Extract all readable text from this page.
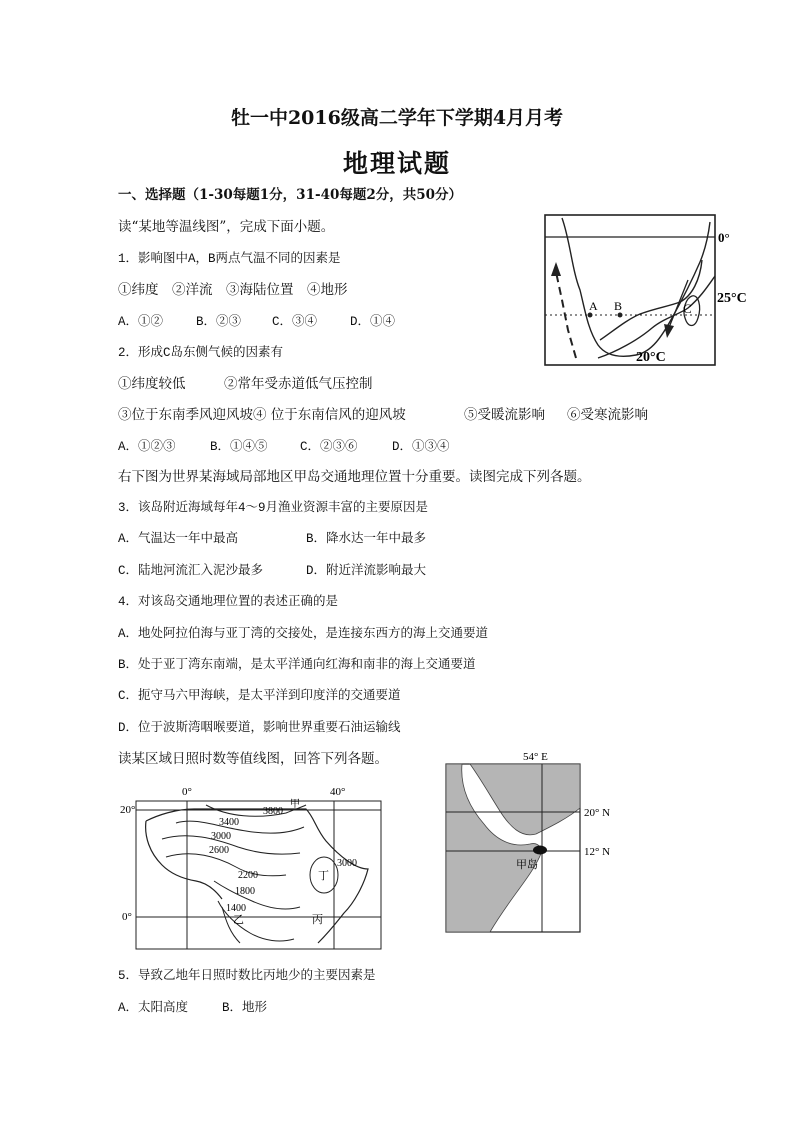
牡一中2016级高二学年下学期4月月考
地理试题
一、选择题（1-30每题1分，31-40每题2分，共50分）
读“某地等温线图”，完成下面小题。
1．影响图中A，B两点气温不同的因素是
①纬度　②洋流　③海陆位置　④地形
A．①②	B．②③ C．③④	D．①④
2．形成C岛东侧气候的因素有
①纬度较低	②常年受赤道低气压控制
③位于东南季风迎风坡④ 位于东南信风的迎风坡	⑤受暖流影响 ⑥受寒流影响
A．①②③	B．①④⑤	C．②③⑥	D．①③④
右下图为世界某海域局部地区甲岛交通地理位置十分重要。读图完成下列各题。
3．该岛附近海域每年4～9月渔业资源丰富的主要原因是
A．气温达一年中最高	B．降水达一年中最多
C．陆地河流汇入泥沙最多	D．附近洋流影响最大
4．对该岛交通地理位置的表述正确的是
A．地处阿拉伯海与亚丁湾的交接处，是连接东西方的海上交通要道
B．处于亚丁湾东南端，是太平洋通向红海和南非的海上交通要道
C．扼守马六甲海峡，是太平洋到印度洋的交通要道
D．位于波斯湾咽喉要道，影响世界重要石油运输线
读某区域日照时数等值线图，回答下列各题。
5．导致乙地年日照时数比丙地少的主要因素是
A．太阳高度	B．地形
0°
A B	C
25°C
20°C
0°	40°
20°
0°
3800
甲
3400
3000
2600
2200
1800
1400
乙	丙
丁
3000
54° E
20° N
12° N
甲岛
